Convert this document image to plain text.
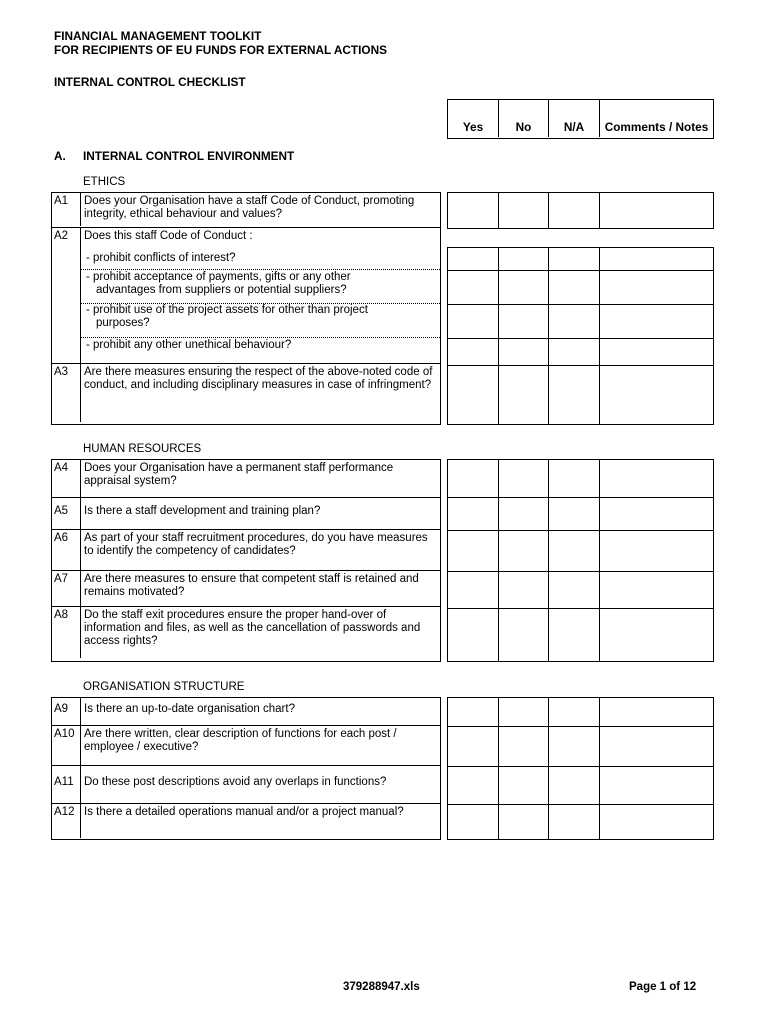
FINANCIAL MANAGEMENT TOOLKIT
FOR RECIPIENTS OF EU FUNDS FOR EXTERNAL ACTIONS
INTERNAL CONTROL CHECKLIST
Yes	No	N/A	Comments / Notes
A. INTERNAL CONTROL ENVIRONMENT
ETHICS
A1	Does your Organisation have a staff Code of Conduct, promoting integrity, ethical behaviour and values?
A2	Does this staff Code of Conduct :
- prohibit conflicts of interest?
- prohibit acceptance of payments, gifts or any other
advantages from suppliers or potential suppliers?
- prohibit use of the project assets for other than project
purposes?
- prohibit any other unethical behaviour?
A3	Are there measures ensuring the respect of the above-noted code of conduct, and including disciplinary measures in case of infringment?
HUMAN RESOURCES
A4	Does your Organisation have a permanent staff performance appraisal system?
A5	Is there a staff development and training plan?
A6	As part of your staff recruitment procedures, do you have measures to identify the competency of candidates?
A7	Are there measures to ensure that competent staff is retained and remains motivated?
A8	Do the staff exit procedures ensure the proper hand-over of information and files, as well as the cancellation of passwords and access rights?
ORGANISATION STRUCTURE
A9	Is there an up-to-date organisation chart?
A10 Are there written, clear description of functions for each post / employee / executive?
A11 Do these post descriptions avoid any overlaps in functions?
A12 Is there a detailed operations manual and/or a project manual?
379288947.xls	Page 1 of 12
